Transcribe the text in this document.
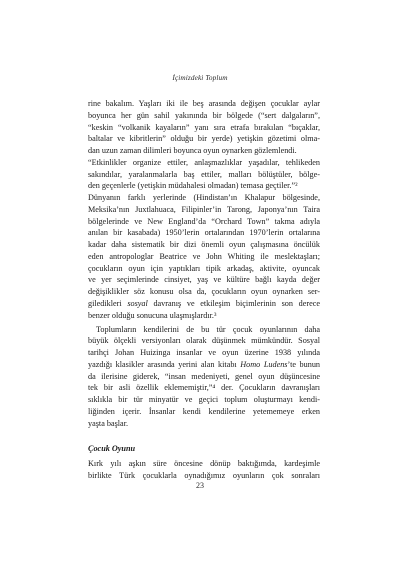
İçimizdeki Toplum
rine bakalım. Yaşları iki ile beş arasında değişen çocuklar aylar
boyunca her gün sahil yakınında bir bölgede (“sert dalgaların”,
“keskin “volkanik kayaların” yanı sıra etrafa bırakılan “bıçaklar,
baltalar ve kibritlerin” olduğu bir yerde) yetişkin gözetimi olma-
dan uzun zaman dilimleri boyunca oyun oynarken gözlemlendi.
“Etkinlikler organize ettiler, anlaşmazlıklar yaşadılar, tehlikeden
sakındılar, yaralanmalarla baş ettiler, malları bölüştüler, bölge-
den geçenlerle (yetişkin müdahalesi olmadan) temasa geçtiler.”²
Dünyanın farklı yerlerinde (Hindistan’ın Khalapur bölgesinde,
Meksika’nın Juxtlahuaca, Filipinler’in Tarong, Japonya’nın Taira
bölgelerinde ve New England’da “Orchard Town” takma adıyla
anılan bir kasabada) 1950’lerin ortalarından 1970’lerin ortalarına
kadar daha sistematik bir dizi önemli oyun çalışmasına öncülük
eden antropologlar Beatrice ve John Whiting ile meslektaşları;
çocukların oyun için yaptıkları tipik arkadaş, aktivite, oyuncak
ve yer seçimlerinde cinsiyet, yaş ve kültüre bağlı kayda değer
değişiklikler söz konusu olsa da, çocukların oyun oynarken ser-
giledikleri sosyal davranış ve etkileşim biçimlerinin son derece
benzer olduğu sonucuna ulaşmışlardır.³
Toplumların kendilerini de bu tür çocuk oyunlarının daha
büyük ölçekli versiyonları olarak düşünmek mümkündür. Sosyal
tarihçi Johan Huizinga insanlar ve oyun üzerine 1938 yılında
yazdığı klasikler arasında yerini alan kitabı Homo Ludens’te bunun
da ilerisine giderek, “insan medeniyeti, genel oyun düşüncesine
tek bir asli özellik eklememiştir,”⁴ der. Çocukların davranışları
sıklıkla bir tür minyatür ve geçici toplum oluşturmayı kendi-
liğinden içerir. İnsanlar kendi kendilerine yetememeye erken
yaşta başlar.
Çocuk Oyunu
Kırk yılı aşkın süre öncesine dönüp baktığımda, kardeşimle
birlikte Türk çocuklarla oynadığımız oyunların çok sonraları
23
